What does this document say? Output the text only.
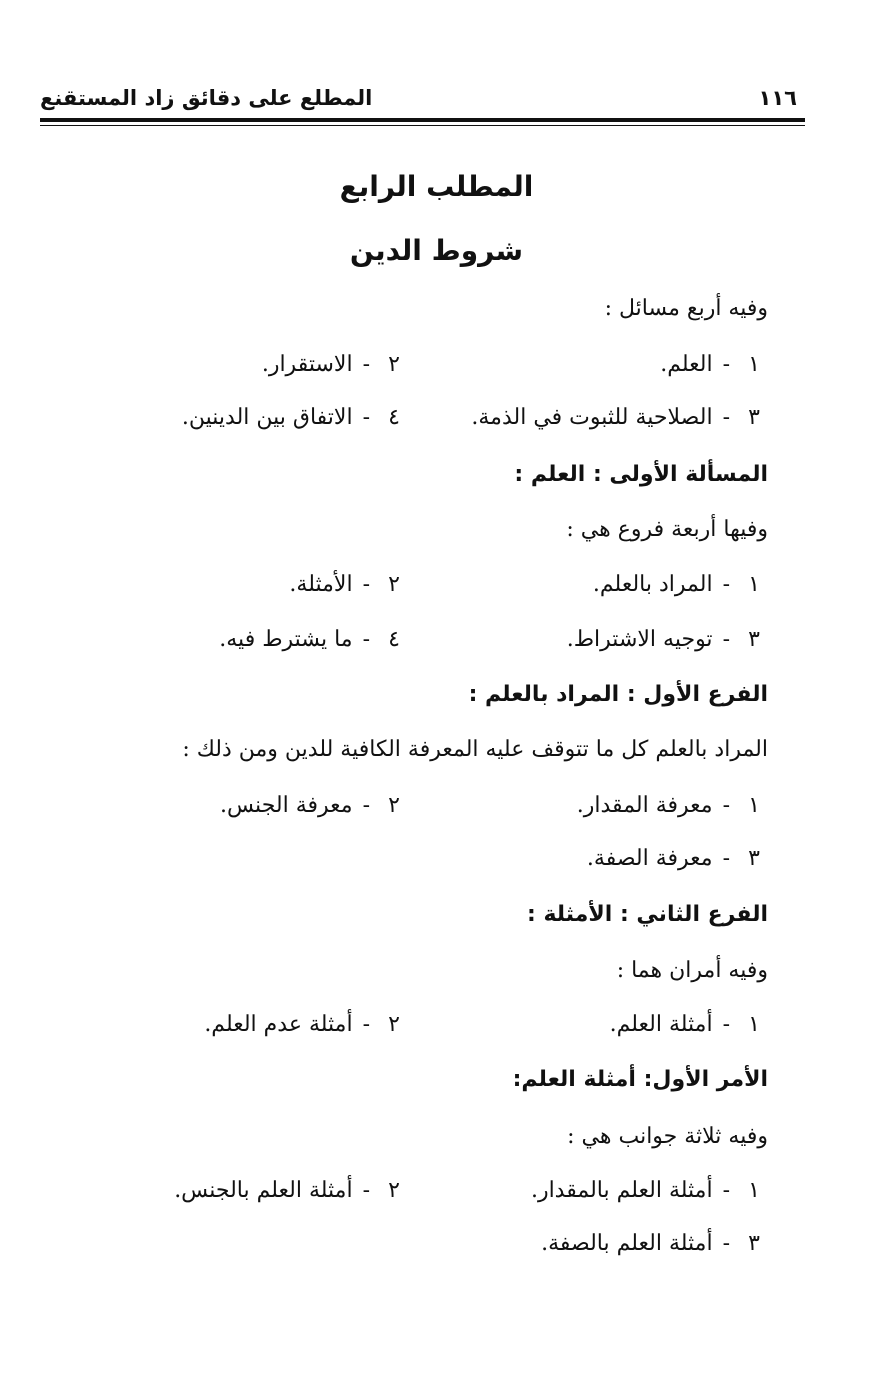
المطلع على دقائق زاد المستقنع	١١٦
المطلب الرابع
شروط الدين
وفيه أربع مسائل :
١-العلم.
٢-الاستقرار.
٣-الصلاحية للثبوت في الذمة.
٤-الاتفاق بين الدينين.
المسألة الأولى : العلم :
وفيها أربعة فروع هي :
١-المراد بالعلم.
٢-الأمثلة.
٣-توجيه الاشتراط.
٤-ما يشترط فيه.
الفرع الأول : المراد بالعلم :
المراد بالعلم كل ما تتوقف عليه المعرفة الكافية للدين ومن ذلك :
١-معرفة المقدار.
٢-معرفة الجنس.
٣-معرفة الصفة.
الفرع الثاني : الأمثلة :
وفيه أمران هما :
١-أمثلة العلم.
٢-أمثلة عدم العلم.
الأمر الأول: أمثلة العلم:
وفيه ثلاثة جوانب هي :
١-أمثلة العلم بالمقدار.
٢-أمثلة العلم بالجنس.
٣-أمثلة العلم بالصفة.
